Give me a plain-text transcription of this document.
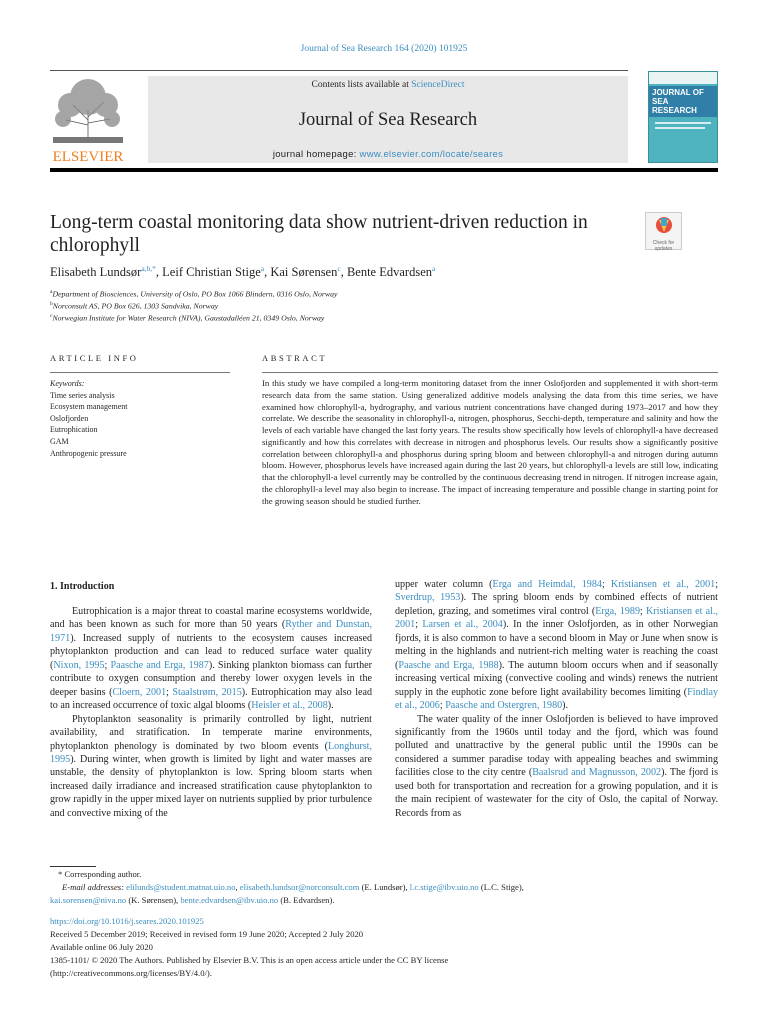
Journal of Sea Research 164 (2020) 101925
ELSEVIER
Contents lists available at ScienceDirect
Journal of Sea Research
journal homepage: www.elsevier.com/locate/seares
JOURNAL OF SEA RESEARCH
Long-term coastal monitoring data show nutrient-driven reduction in chlorophyll	Check for updates
Elisabeth Lundsør$^{a,b,*}$, Leif Christian Stige$^a$, Kai Sørensen$^c$, Bente Edvardsen$^a$
$^a$Department of Biosciences, University of Oslo, PO Box 1066 Blindern, 0316 Oslo, Norway
$^b$Norconsult AS, PO Box 626, 1303 Sandvika, Norway
$^c$Norwegian Institute for Water Research (NIVA), Gaustadalléen 21, 0349 Oslo, Norway
ARTICLE INFO	ABSTRACT
Keywords:
Time series analysis
Ecosystem management
Oslofjorden
Eutrophication
GAM
Anthropogenic pressure
In this study we have compiled a long-term monitoring dataset from the inner Oslofjorden and supplemented it with short-term research data from the same station. Using generalized additive models analysing the data from this time series, we have examined how chlorophyll-a, hydrography, and various nutrient concentrations have changed during 1973–2017 and how they correlate. We describe the seasonality in chlorophyll-a, nitrogen, phosphorus, Secchi-depth, temperature and salinity and how the levels of each variable have changed the last forty years. The results show specifically how levels of chlorophyll-a have decreased significantly and how this correlates with decrease in nitrogen and phosphorus levels. Our results show a significantly positive correlation between chlorophyll-a and phosphorus during spring bloom and between chlorophyll-a and nitrogen during autumn bloom. However, phosphorus levels have increased again during the last 20 years, but chlorophyll-a levels are still low, indicating that the chlorophyll-a level currently may be controlled by the continuous decreasing trend in nitrogen. If nitrogen increase again, the chlorophyll-a level may also begin to increase. The impact of increasing temperature and possible change in starting point for the growing season should be studied further.
1. Introduction

Eutrophication is a major threat to coastal marine ecosystems worldwide, and has been known as such for more than 50 years (Ryther and Dunstan, 1971). Increased supply of nutrients to the ecosystem causes increased phytoplankton production and can lead to reduced surface water quality (Nixon, 1995; Paasche and Erga, 1987). Sinking plankton biomass can further contribute to oxygen consumption and thereby lower oxygen levels in the deeper basins (Cloern, 2001; Staalstrøm, 2015). Eutrophication may also lead to an increased occurrence of toxic algal blooms (Heisler et al., 2008).

Phytoplankton seasonality is primarily controlled by light, nutrient availability, and stratification. In temperate marine environments, phytoplankton phenology is dominated by two bloom events (Longhurst, 1995). During winter, when growth is limited by light and water masses are unstable, the density of phytoplankton is low. Spring bloom starts when increased daily irradiance and increased stratification cause phytoplankton to grow rapidly in the upper mixed layer on nutrients supplied by prior turbulence and convective mixing of the

upper water column (Erga and Heimdal, 1984; Kristiansen et al., 2001; Sverdrup, 1953). The spring bloom ends by combined effects of nutrient depletion, grazing, and sometimes viral control (Erga, 1989; Kristiansen et al., 2001; Larsen et al., 2004). In the inner Oslofjorden, as in other Norwegian fjords, it is also common to have a second bloom in May or June when snow is melting in the highlands and nutrient-rich melting water is reaching the coast (Paasche and Erga, 1988). The autumn bloom occurs when and if seasonally increasing vertical mixing (convective cooling and winds) renews the nutrient supply in the euphotic zone before light availability becomes limiting (Findlay et al., 2006; Paasche and Ostergren, 1980).

The water quality of the inner Oslofjorden is believed to have improved significantly from the 1960s until today and the fjord, which was found polluted and unattractive by the general public until the 1990s can be considered a summer paradise today with appealing beaches and swimming facilities close to the city centre (Baalsrud and Magnusson, 2002). The fjord is used both for transportation and recreation for a growing population, and it is the main recipient of wastewater for the city of Oslo, the capital of Norway. Records from as

* Corresponding author.
E-mail addresses: elilunds@student.matnat.uio.no, elisabeth.lundsor@norconsult.com (E. Lundsør), l.c.stige@ibv.uio.no (L.C. Stige),
kai.sorensen@niva.no (K. Sørensen), bente.edvardsen@ibv.uio.no (B. Edvardsen).
https://doi.org/10.1016/j.seares.2020.101925
Received 5 December 2019; Received in revised form 19 June 2020; Accepted 2 July 2020
Available online 06 July 2020
1385-1101/ © 2020 The Authors. Published by Elsevier B.V. This is an open access article under the CC BY license
(http://creativecommons.org/licenses/BY/4.0/).
